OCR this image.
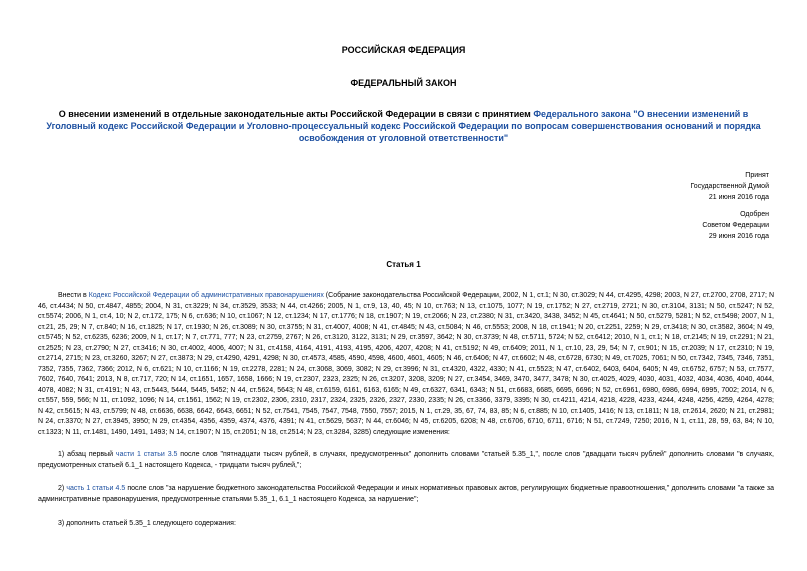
РОССИЙСКАЯ ФЕДЕРАЦИЯ
ФЕДЕРАЛЬНЫЙ ЗАКОН
О внесении изменений в отдельные законодательные акты Российской Федерации в связи с принятием Федерального закона "О внесении изменений в Уголовный кодекс Российской Федерации и Уголовно-процессуальный кодекс Российской Федерации по вопросам совершенствования оснований и порядка освобождения от уголовной ответственности"
Принят
Государственной Думой
21 июня 2016 года
Одобрен
Советом Федерации
29 июня 2016 года
Статья 1
Внести в Кодекс Российской Федерации об административных правонарушениях (Собрание законодательства Российской Федерации, 2002, N 1, ст.1; N 30, ст.3029; N 44, ст.4295, 4298; 2003, N 27, ст.2700, 2708, 2717; N 46, ст.4434; N 50, ст.4847, 4855; 2004, N 31, ст.3229; N 34, ст.3529, 3533; N 44, ст.4266; 2005, N 1, ст.9, 13, 40, 45; N 10, ст.763; N 13, ст.1075, 1077; N 19, ст.1752; N 27, ст.2719, 2721; N 30, ст.3104, 3131; N 50, ст.5247; N 52, ст.5574; 2006, N 1, ст.4, 10; N 2, ст.172, 175; N 6, ст.636; N 10, ст.1067; N 12, ст.1234; N 17, ст.1776; N 18, ст.1907; N 19, ст.2066; N 23, ст.2380; N 31, ст.3420, 3438, 3452; N 45, ст.4641; N 50, ст.5279, 5281; N 52, ст.5498; 2007, N 1, ст.21, 25, 29; N 7, ст.840; N 16, ст.1825; N 17, ст.1930; N 26, ст.3089; N 30, ст.3755; N 31, ст.4007, 4008; N 41, ст.4845; N 43, ст.5084; N 46, ст.5553; 2008, N 18, ст.1941; N 20, ст.2251, 2259; N 29, ст.3418; N 30, ст.3582, 3604; N 49, ст.5745; N 52, ст.6235, 6236; 2009, N 1, ст.17; N 7, ст.771, 777; N 23, ст.2759, 2767; N 26, ст.3120, 3122, 3131; N 29, ст.3597, 3642; N 30, ст.3739; N 48, ст.5711, 5724; N 52, ст.6412; 2010, N 1, ст.1; N 18, ст.2145; N 19, ст.2291; N 21, ст.2525; N 23, ст.2790; N 27, ст.3416; N 30, ст.4002, 4006, 4007; N 31, ст.4158, 4164, 4191, 4193, 4195, 4206, 4207, 4208; N 41, ст.5192; N 49, ст.6409; 2011, N 1, ст.10, 23, 29, 54; N 7, ст.901; N 15, ст.2039; N 17, ст.2310; N 19, ст.2714, 2715; N 23, ст.3260, 3267; N 27, ст.3873; N 29, ст.4290, 4291, 4298; N 30, ст.4573, 4585, 4590, 4598, 4600, 4601, 4605; N 46, ст.6406; N 47, ст.6602; N 48, ст.6728, 6730; N 49, ст.7025, 7061; N 50, ст.7342, 7345, 7346, 7351, 7352, 7355, 7362, 7366; 2012, N 6, ст.621; N 10, ст.1166; N 19, ст.2278, 2281; N 24, ст.3068, 3069, 3082; N 29, ст.3996; N 31, ст.4320, 4322, 4330; N 41, ст.5523; N 47, ст.6402, 6403, 6404, 6405; N 49, ст.6752, 6757; N 53, ст.7577, 7602, 7640, 7641; 2013, N 8, ст.717, 720; N 14, ст.1651, 1657, 1658, 1666; N 19, ст.2307, 2323, 2325; N 26, ст.3207, 3208, 3209; N 27, ст.3454, 3469, 3470, 3477, 3478; N 30, ст.4025, 4029, 4030, 4031, 4032, 4034, 4036, 4040, 4044, 4078, 4082; N 31, ст.4191; N 43, ст.5443, 5444, 5445, 5452; N 44, ст.5624, 5643; N 48, ст.6159, 6161, 6163, 6165; N 49, ст.6327, 6341, 6343; N 51, ст.6683, 6685, 6695, 6696; N 52, ст.6961, 6980, 6986, 6994, 6995, 7002; 2014, N 6, ст.557, 559, 566; N 11, ст.1092, 1096; N 14, ст.1561, 1562; N 19, ст.2302, 2306, 2310, 2317, 2324, 2325, 2326, 2327, 2330, 2335; N 26, ст.3366, 3379, 3395; N 30, ст.4211, 4214, 4218, 4228, 4233, 4244, 4248, 4256, 4259, 4264, 4278; N 42, ст.5615; N 43, ст.5799; N 48, ст.6636, 6638, 6642, 6643, 6651; N 52, ст.7541, 7545, 7547, 7548, 7550, 7557; 2015, N 1, ст.29, 35, 67, 74, 83, 85; N 6, ст.885; N 10, ст.1405, 1416; N 13, ст.1811; N 18, ст.2614, 2620; N 21, ст.2981; N 24, ст.3370; N 27, ст.3945, 3950; N 29, ст.4354, 4356, 4359, 4374, 4376, 4391; N 41, ст.5629, 5637; N 44, ст.6046; N 45, ст.6205, 6208; N 48, ст.6706, 6710, 6711, 6716; N 51, ст.7249, 7250; 2016, N 1, ст.11, 28, 59, 63, 84; N 10, ст.1323; N 11, ст.1481, 1490, 1491, 1493; N 14, ст.1907; N 15, ст.2051; N 18, ст.2514; N 23, ст.3284, 3285) следующие изменения:
1) абзац первый части 1 статьи 3.5 после слов "пятнадцати тысяч рублей, в случаях, предусмотренных" дополнить словами "статьей 5.35_1,", после слов "двадцати тысяч рублей" дополнить словами "в случаях, предусмотренных статьей 6.1_1 настоящего Кодекса, - тридцати тысяч рублей,";
2) часть 1 статьи 4.5 после слов "за нарушение бюджетного законодательства Российской Федерации и иных нормативных правовых актов, регулирующих бюджетные правоотношения," дополнить словами "а также за административные правонарушения, предусмотренные статьями 5.35_1, 6.1_1 настоящего Кодекса, за нарушение";
3) дополнить статьей 5.35_1 следующего содержания:
